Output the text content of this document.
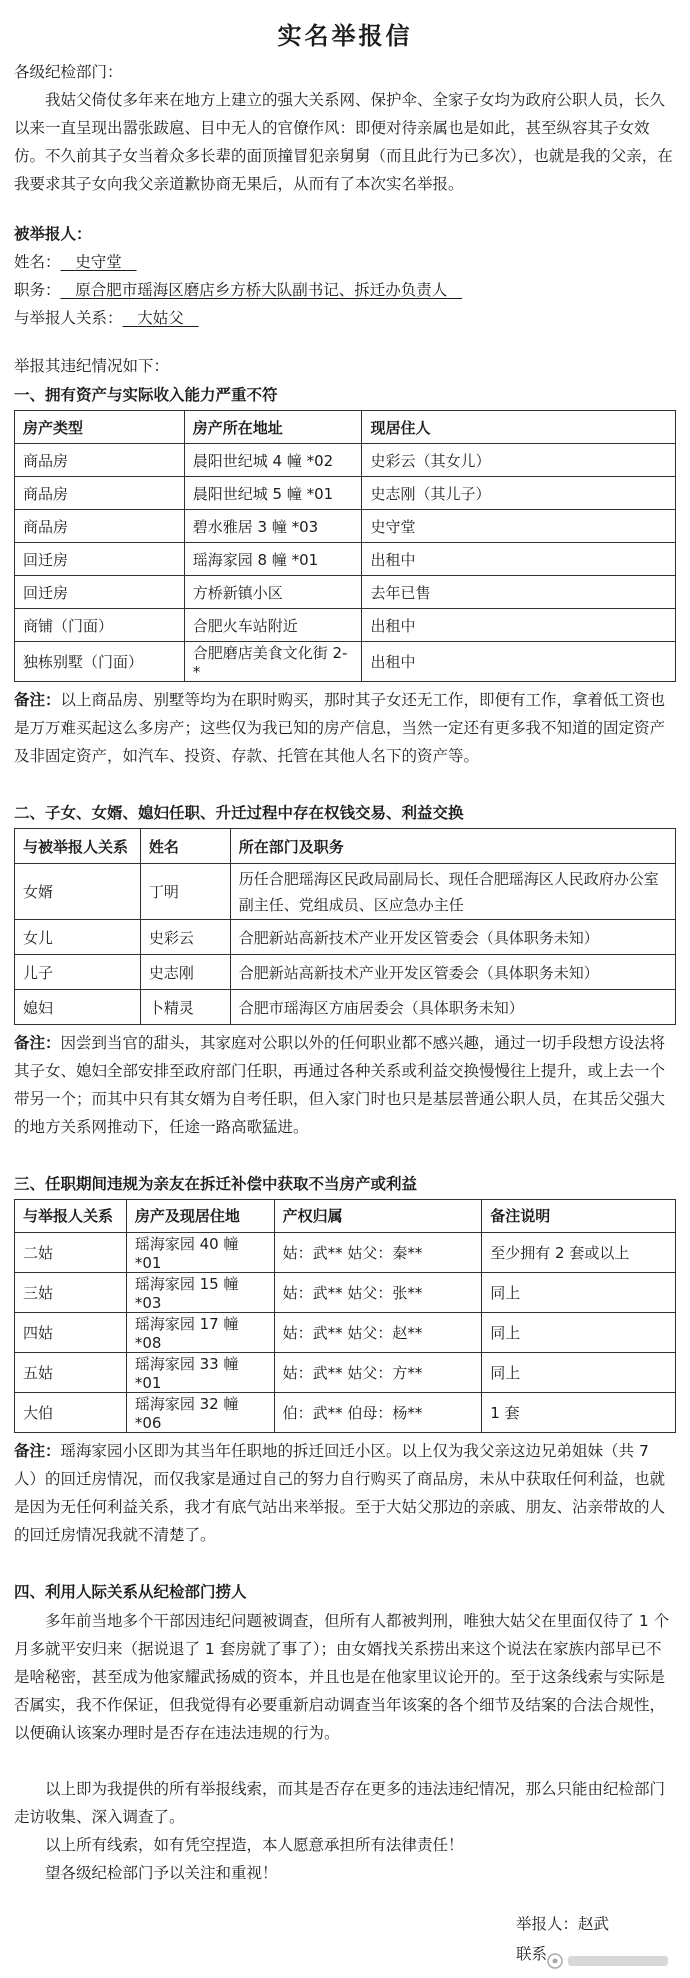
实名举报信

各级纪检部门：

我姑父倚仗多年来在地方上建立的强大关系网、保护伞、全家子女均为政府公职人员，长久以来一直呈现出嚣张跋扈、目中无人的官僚作风：即便对待亲属也是如此，甚至纵容其子女效仿。不久前其子女当着众多长辈的面顶撞冒犯亲舅舅（而且此行为已多次），也就是我的父亲，在我要求其子女向我父亲道歉协商无果后，从而有了本次实名举报。

被举报人：
姓名： 史守堂
职务： 原合肥市瑶海区磨店乡方桥大队副书记、拆迁办负责人
与举报人关系： 大姑父
举报其违纪情况如下：
一、拥有资产与实际收入能力严重不符
房产类型	房产所在地址	现居住人
商品房	晨阳世纪城 4 幢 *02	史彩云（其女儿）
商品房	晨阳世纪城 5 幢 *01	史志刚（其儿子）
商品房	碧水雅居 3 幢 *03	史守堂
回迁房	瑶海家园 8 幢 *01	出租中
回迁房	方桥新镇小区	去年已售
商铺（门面）	合肥火车站附近	出租中
独栋别墅（门面）	合肥磨店美食文化街 2-*	出租中

备注：以上商品房、别墅等均为在职时购买，那时其子女还无工作，即便有工作，拿着低工资也是万万难买起这么多房产；这些仅为我已知的房产信息，当然一定还有更多我不知道的固定资产及非固定资产，如汽车、投资、存款、托管在其他人名下的资产等。

二、子女、女婿、媳妇任职、升迁过程中存在权钱交易、利益交换
与被举报人关系	姓名	所在部门及职务
女婿	丁明	历任合肥瑶海区民政局副局长、现任合肥瑶海区人民政府办公室副主任、党组成员、区应急办主任
女儿	史彩云	合肥新站高新技术产业开发区管委会（具体职务未知）
儿子	史志刚	合肥新站高新技术产业开发区管委会（具体职务未知）
媳妇	卜精灵	合肥市瑶海区方庙居委会（具体职务未知）

备注：因尝到当官的甜头，其家庭对公职以外的任何职业都不感兴趣，通过一切手段想方设法将其子女、媳妇全部安排至政府部门任职，再通过各种关系或利益交换慢慢往上提升，或上去一个带另一个；而其中只有其女婿为自考任职，但入家门时也只是基层普通公职人员，在其岳父强大的地方关系网推动下，任途一路高歌猛进。

三、任职期间违规为亲友在拆迁补偿中获取不当房产或利益
与举报人关系	房产及现居住地	产权归属	备注说明
二姑	瑶海家园 40 幢 *01	姑：武** 姑父：秦**	至少拥有 2 套或以上
三姑	瑶海家园 15 幢 *03	姑：武** 姑父：张**	同上
四姑	瑶海家园 17 幢 *08	姑：武** 姑父：赵**	同上
五姑	瑶海家园 33 幢 *01	姑：武** 姑父：方**	同上
大伯	瑶海家园 32 幢 *06	伯：武** 伯母：杨**	1 套

备注：瑶海家园小区即为其当年任职地的拆迁回迁小区。以上仅为我父亲这边兄弟姐妹（共 7 人）的回迁房情况，而仅我家是通过自己的努力自行购买了商品房，未从中获取任何利益，也就是因为无任何利益关系，我才有底气站出来举报。至于大姑父那边的亲戚、朋友、沾亲带故的人的回迁房情况我就不清楚了。

四、利用人际关系从纪检部门捞人

多年前当地多个干部因违纪问题被调查，但所有人都被判刑，唯独大姑父在里面仅待了 1 个月多就平安归来（据说退了 1 套房就了事了）；由女婿找关系捞出来这个说法在家族内部早已不是啥秘密，甚至成为他家耀武扬威的资本，并且也是在他家里议论开的。至于这条线索与实际是否属实，我不作保证，但我觉得有必要重新启动调查当年该案的各个细节及结案的合法合规性，以便确认该案办理时是否存在违法违规的行为。

以上即为我提供的所有举报线索，而其是否存在更多的违法违纪情况，那么只能由纪检部门走访收集、深入调查了。

以上所有线索，如有凭空捏造，本人愿意承担所有法律责任！

望各级纪检部门予以关注和重视！

举报人：赵武
联系
